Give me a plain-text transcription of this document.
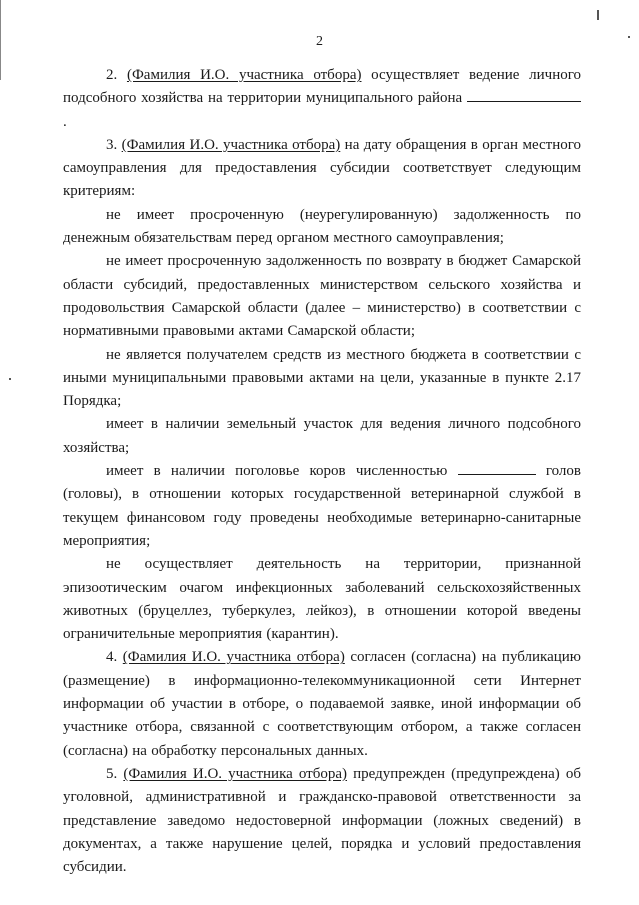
2

2. (Фамилия И.О. участника отбора) осуществляет ведение личного подсобного хозяйства на территории муниципального района .

3. (Фамилия И.О. участника отбора) на дату обращения в орган местного самоуправления для предоставления субсидии соответствует следующим критериям:

не имеет просроченную (неурегулированную) задолженность по денежным обязательствам перед органом местного самоуправления;

не имеет просроченную задолженность по возврату в бюджет Самарской области субсидий, предоставленных министерством сельского хозяйства и продовольствия Самарской области (далее – министерство) в соответствии с нормативными правовыми актами Самарской области;

не является получателем средств из местного бюджета в соответствии с иными муниципальными правовыми актами на цели, указанные в пункте 2.17 Порядка;

имеет в наличии земельный участок для ведения личного подсобного хозяйства;

имеет в наличии поголовье коров численностью	голов (головы), в отношении которых государственной ветеринарной службой в текущем финансовом году проведены необходимые ветеринарно-санитарные мероприятия;

не осуществляет деятельность на территории, признанной эпизоотическим очагом инфекционных заболеваний сельскохозяйственных животных (бруцеллез, туберкулез, лейкоз), в отношении которой введены ограничительные мероприятия (карантин).

4. (Фамилия И.О. участника отбора) согласен (согласна) на публикацию (размещение) в информационно-телекоммуникационной сети Интернет информации об участии в отборе, о подаваемой заявке, иной информации об участнике отбора, связанной с соответствующим отбором, а также согласен (согласна) на обработку персональных данных.

5. (Фамилия И.О. участника отбора) предупрежден (предупреждена) об уголовной, административной и гражданско-правовой ответственности за представление заведомо недостоверной информации (ложных сведений) в документах, а также нарушение целей, порядка и условий предоставления субсидии.
